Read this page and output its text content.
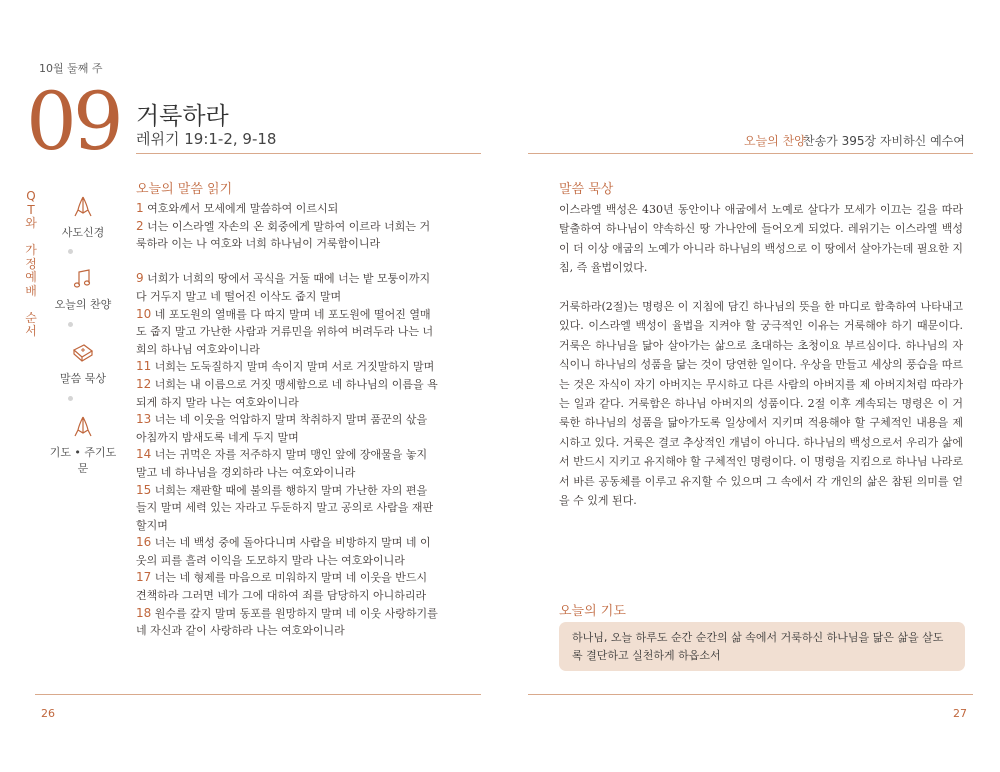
10월 둘째 주
09 거룩하라
레위기 19:1-2, 9-18	오늘의 찬양
찬송가 395장 자비하신 예수여
Q
T
와

가
정
예
배

순
서
사도신경
오늘의 찬양
말씀 묵상
기도 • 주기도문
오늘의 말씀 읽기

1 여호와께서 모세에게 말씀하여 이르시되

2 너는 이스라엘 자손의 온 회중에게 말하여 이르라 너희는 거룩하라 이는 나 여호와 너희 하나님이 거룩함이니라

9 너희가 너희의 땅에서 곡식을 거둘 때에 너는 밭 모퉁이까지 다 거두지 말고 네 떨어진 이삭도 줍지 말며

10 네 포도원의 열매를 다 따지 말며 네 포도원에 떨어진 열매도 줍지 말고 가난한 사람과 거류민을 위하여 버려두라 나는 너희의 하나님 여호와이니라

11 너희는 도둑질하지 말며 속이지 말며 서로 거짓말하지 말며

12 너희는 내 이름으로 거짓 맹세함으로 네 하나님의 이름을 욕되게 하지 말라 나는 여호와이니라

13 너는 네 이웃을 억압하지 말며 착취하지 말며 품꾼의 삯을 아침까지 밤새도록 네게 두지 말며

14 너는 귀먹은 자를 저주하지 말며 맹인 앞에 장애물을 놓지 말고 네 하나님을 경외하라 나는 여호와이니라

15 너희는 재판할 때에 불의를 행하지 말며 가난한 자의 편을 들지 말며 세력 있는 자라고 두둔하지 말고 공의로 사람을 재판할지며

16 너는 네 백성 중에 돌아다니며 사람을 비방하지 말며 네 이웃의 피를 흘려 이익을 도모하지 말라 나는 여호와이니라

17 너는 네 형제를 마음으로 미워하지 말며 네 이웃을 반드시 견책하라 그러면 네가 그에 대하여 죄를 담당하지 아니하리라

18 원수를 갚지 말며 동포를 원망하지 말며 네 이웃 사랑하기를 네 자신과 같이 사랑하라 나는 여호와이니라

말씀 묵상

이스라엘 백성은 430년 동안이나 애굽에서 노예로 살다가 모세가 이끄는 길을 따라 탈출하여 하나님이 약속하신 땅 가나안에 들어오게 되었다. 레위기는 이스라엘 백성이 더 이상 애굽의 노예가 아니라 하나님의 백성으로 이 땅에서 살아가는데 필요한 지침, 즉 율법이었다.

거룩하라(2절)는 명령은 이 지침에 담긴 하나님의 뜻을 한 마디로 함축하여 나타내고 있다. 이스라엘 백성이 율법을 지켜야 할 궁극적인 이유는 거룩해야 하기 때문이다. 거룩은 하나님을 닮아 살아가는 삶으로 초대하는 초청이요 부르심이다. 하나님의 자식이니 하나님의 성품을 닮는 것이 당연한 일이다. 우상을 만들고 세상의 풍습을 따르는 것은 자식이 자기 아버지는 무시하고 다른 사람의 아버지를 제 아버지처럼 따라가는 일과 같다. 거룩함은 하나님 아버지의 성품이다. 2절 이후 계속되는 명령은 이 거룩한 하나님의 성품을 닮아가도록 일상에서 지키며 적용해야 할 구체적인 내용을 제시하고 있다. 거룩은 결코 추상적인 개념이 아니다. 하나님의 백성으로서 우리가 삶에서 반드시 지키고 유지해야 할 구체적인 명령이다. 이 명령을 지킴으로 하나님 나라로서 바른 공동체를 이루고 유지할 수 있으며 그 속에서 각 개인의 삶은 참된 의미를 얻을 수 있게 된다.

오늘의 기도
하나님, 오늘 하루도 순간 순간의 삶 속에서 거룩하신 하나님을 닮은 삶을 살도록 결단하고 실천하게 하옵소서
26	27
